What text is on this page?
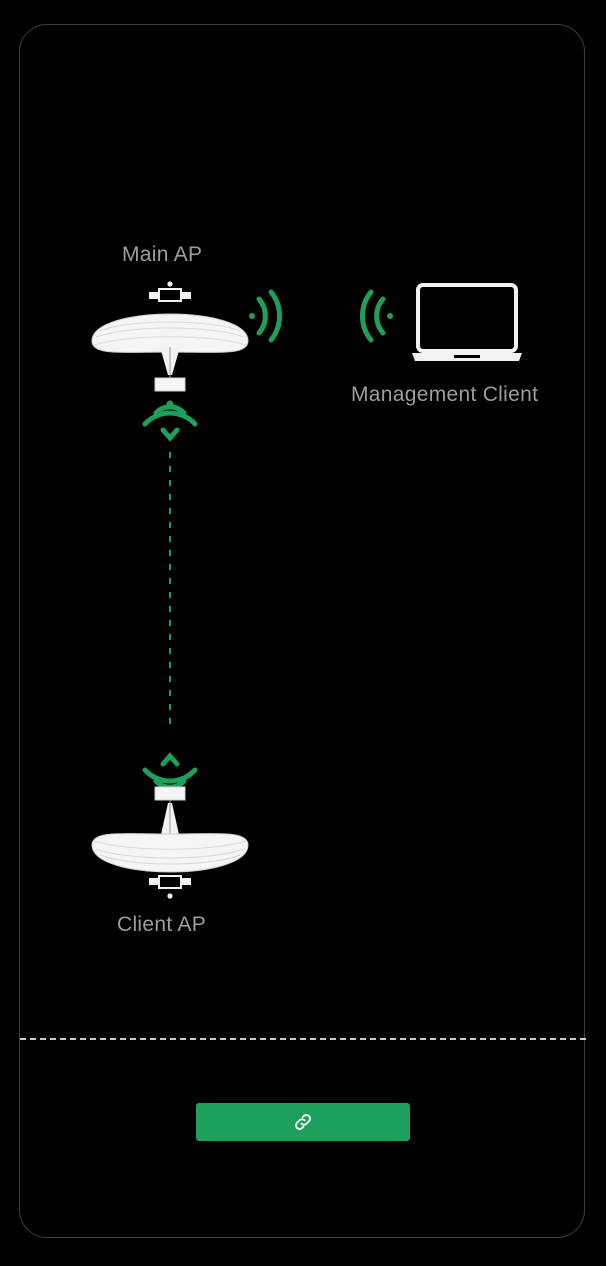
Main AP
Management Client
Client AP
